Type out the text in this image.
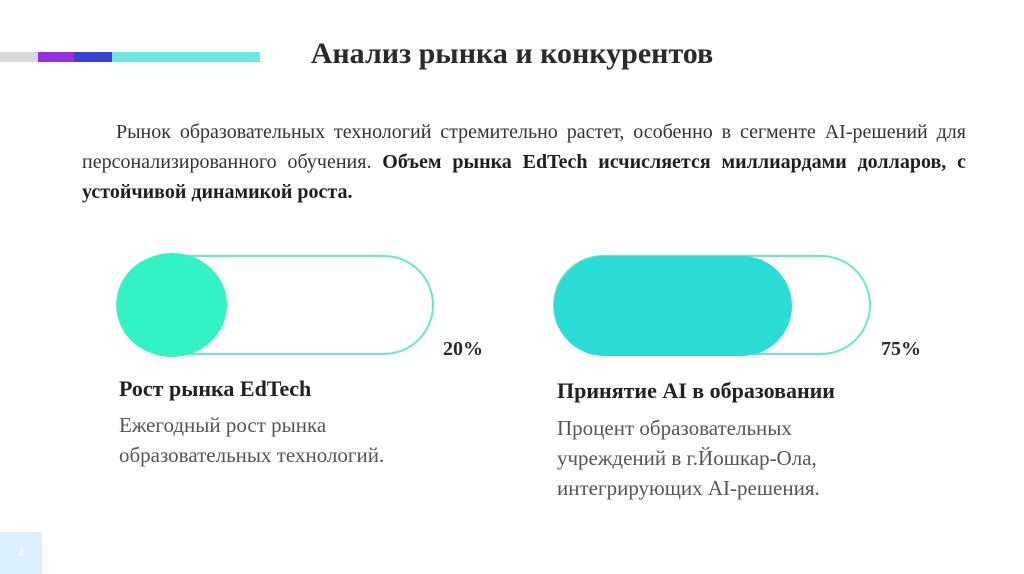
Анализ рынка и конкурентов

Рынок образовательных технологий стремительно растет, особенно в сегменте AI-решений для персонализированного обучения. Объем рынка EdTech исчисляется миллиардами долларов, с устойчивой динамикой роста.

20%
Рост рынка EdTech

Ежегодный рост рынка
образовательных технологий.

75%
Принятие AI в образовании

Процент образовательных
учреждений в г.Йошкар-Ола,
интегрирующих AI-решения.

4
